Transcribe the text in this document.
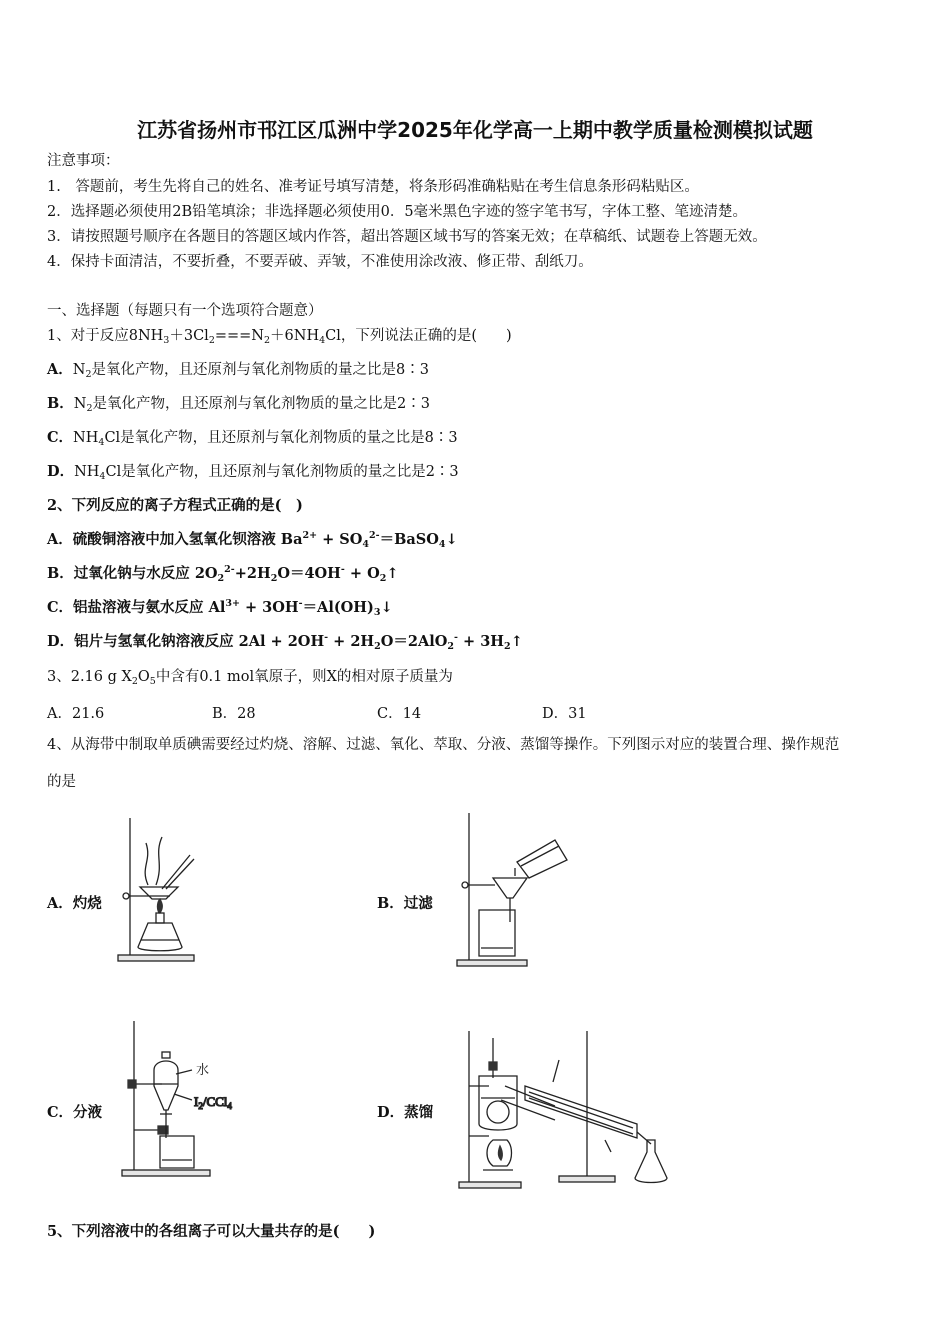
江苏省扬州市邗江区瓜洲中学2025年化学高一上期中教学质量检测模拟试题
注意事项：
1.　答题前，考生先将自己的姓名、准考证号填写清楚，将条形码准确粘贴在考生信息条形码粘贴区。
2．选择题必须使用2B铅笔填涂；非选择题必须使用0．5毫米黑色字迹的签字笔书写，字体工整、笔迹清楚。
3．请按照题号顺序在各题目的答题区域内作答，超出答题区域书写的答案无效；在草稿纸、试题卷上答题无效。
4．保持卡面清洁，不要折叠，不要弄破、弄皱，不准使用涂改液、修正带、刮纸刀。
一、选择题（每题只有一个选项符合题意）
1、对于反应$8NH_3+3Cl_2===N_2+6NH_4Cl$，下列说法正确的是(　　)
A．$N_2$是氧化产物，且还原剂与氧化剂物质的量之比是8∶3
B．$N_2$是氧化产物，且还原剂与氧化剂物质的量之比是2∶3
C．$NH_4Cl$是氧化产物，且还原剂与氧化剂物质的量之比是8∶3
D．$NH_4Cl$是氧化产物，且还原剂与氧化剂物质的量之比是2∶3
2、下列反应的离子方程式正确的是(　)
A．硫酸铜溶液中加入氢氧化钡溶液 $Ba^{2+}$ + $SO_4^{2-}=BaSO_4↓$
B．过氧化钠与水反应 $2O_2^{2-}+2H_2O=4OH^-$ + $O_2↑$
C．铝盐溶液与氨水反应 $Al^{3+}$ + $3OH^-=Al(OH)_3↓$
D．铝片与氢氧化钠溶液反应 $2Al + 2OH^- + 2H_2O=2AlO_2^-$ + $3H_2↑$
3、2.16 g $X_2O_5$中含有0.1 mol氧原子，则X的相对原子质量为
A．21.6	B．28	C．14	D．31
4、从海带中制取单质碘需要经过灼烧、溶解、过滤、氧化、萃取、分液、蒸馏等操作。下列图示对应的装置合理、操作规范
的是
A．灼烧	B．过滤
C．分液	D．蒸馏
水
$I_2/CCl_4$
5、下列溶液中的各组离子可以大量共存的是(　　)
